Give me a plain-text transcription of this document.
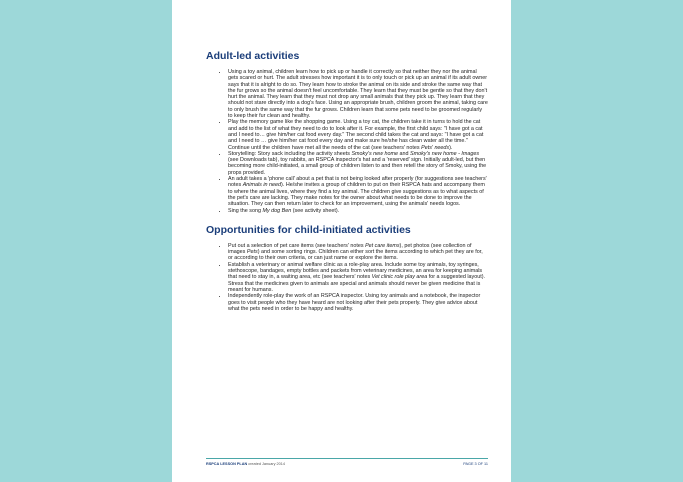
Adult-led activities
• Using a toy animal, children learn how to pick up or handle it correctly so that neither they nor the animal gets scared or hurt. The adult stresses how important it is to only touch or pick up an animal if its adult owner says that it is alright to do so. They learn how to stroke the animal on its side and stroke the same way that the fur grows so the animal doesn't feel uncomfortable. They learn that they must be gentle so that they don't hurt the animal. They learn that they must not drop any small animals that they pick up. They learn that they should not stare directly into a dog's face. Using an appropriate brush, children groom the animal, taking care to only brush the same way that the fur grows. Children learn that some pets need to be groomed regularly to keep their fur clean and healthy.
• Play the memory game like the shopping game. Using a toy cat, the children take it in turns to hold the cat and add to the list of what they need to do to look after it. For example, the first child says: "I have got a cat and I need to… give him/her cat food every day." The second child takes the cat and says: "I have got a cat and I need to … give him/her cat food every day and make sure he/she has clean water all the time." Continue until the children have met all the needs of the cat (see teachers' notes Pets' needs).
• Storytelling: Story sack including the activity sheets Smoky's new home and Smoky's new home - Images (see Downloads tab), toy rabbits, an RSPCA inspector's hat and a 'reserved' sign. Initially adult-led, but then becoming more child-initiated, a small group of children listen to and then retell the story of Smoky, using the props provided.
• An adult takes a 'phone call' about a pet that is not being looked after properly (for suggestions see teachers' notes Animals in need). He/she invites a group of children to put on their RSPCA hats and accompany them to where the animal lives, where they find a toy animal. The children give suggestions as to what aspects of the pet's care are lacking. They make notes for the owner about what needs to be done to improve the situation. They can then return later to check for an improvement, using the animals' needs logos.
• Sing the song My dog Ben (see activity sheet).
Opportunities for child-initiated activities
• Put out a selection of pet care items (see teachers' notes Pet care items), pet photos (see collection of images Pets) and some sorting rings. Children can either sort the items according to which pet they are for, or according to their own criteria, or can just name or explore the items.
• Establish a veterinary or animal welfare clinic as a role-play area. Include some toy animals, toy syringes, stethoscope, bandages, empty bottles and packets from veterinary medicines, an area for keeping animals that need to stay in, a waiting area, etc (see teachers' notes Vet clinic role play area for a suggested layout). Stress that the medicines given to animals are special and animals should never be given medicine that is meant for humans.
• Independently role-play the work of an RSPCA inspector. Using toy animals and a notebook, the inspector goes to visit people who they have heard are not looking after their pets properly. They give advice about what the pets need in order to be happy and healthy.
RSPCA LESSON PLAN created January 2014	PAGE 3 OF 11
